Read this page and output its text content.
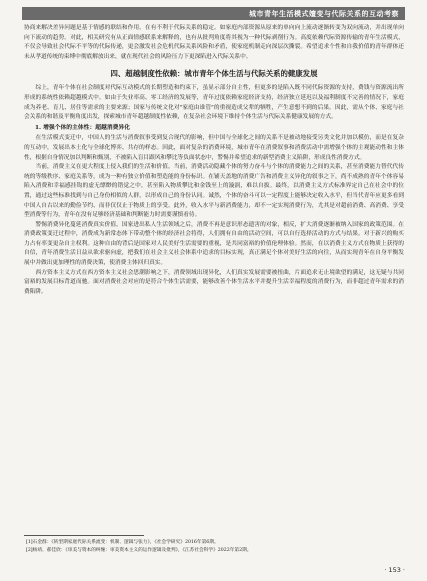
城市青年生活模式嬗变与代际关系的互动考察

协商来解决差异问题是基于情感的联结和作用。在有不利于代际关系的稳定。如家庭内部资源从原来的单向向上流动逐渐转变为双向流动，并出现单向向下流动的趋势。对此，相关研究有从正面情感联系来解释的，也有从批判角度将其视为一种代际剥削行为。高度依赖代际资源传输的青年生活模式，不仅会导致社会代际不平等的代际传递，更会激发社会危机代际关系风险和矛盾，使家庭机制走向深层次撕裂。希望追求个性和自我价值的青年群体还未从孝道传统的束缚中彻底解放出来，就在现代社会的风险压力下更深陷进入代际关系中。

四、超越制度性依赖：城市青年个体生活与代际关系的健康发展

综上，青年个体在社会制度对代际互动模式的长期塑造和约束下，虽显示部分自主性，但更多的是陷入既不同代际资源的支持，费钱与资源流出所形成的系统性依赖超越模式中。如由于失业率高、零工经济的发展等，青年过度依赖家庭经济支持，经济独立延迟以及福利制度不完善的情况下，家庭成为养老、育儿、居住等需求的主要来源；国家与传统文化对"家庭由谁管"的重视造成父辈的牺牲，产生意想不到的后果。因此，需从个体、家庭与社会关系的和谐及平衡角度出发，探索城市青年超越制度性依赖，在复杂社会环境下维持个体生活与代际关系健康发展的方式。

1. 增强个体的主体性：超越消费异化

在生活模式变迁中，中国人的生活与消费叙事受到复合现代的影响，但中国与全球化之间的关系不是被动地接受另类文化并加以模仿，而是在复杂的互动中，发展出本土化与全球化博弈、共存的样态。因此，面对复杂的消费环境，城市青年在消费叙事和消费活动中需增强个体的主观能动性和主体性，根据自身情况加以判断和甄别，不被陷入盲目跟风和攀比等负面状态中，警惕并希望追求的新型消费主义陷阱，形成良性消费方式。

当前，消费主义在更大程度上侵入我们的生活和价值。当前，消费活动隐藏个体的努力奋斗与个体的消费能力之间的关系，甚至消费能力替代代传统的等级秩序、家庭关系等，成为一种有独立价值和塑造能的身份标识。在铺天盖地的消费广告和消费主义异化的叙事之下，尚不成熟的青年个体容易陷入消费和幸福感挂钩的虚无缥缈的错觉之中，甚至陷入物质攀比和金钱至上的漩涡，难以自拔。最终，以消费主义方式标准界定自己在社会中的位置，通过这些标准找到与自己身份相似的人群，以形成自己的身份认同。诚然，个体的奋斗可以一定程度上能够决定收入水平，但当代青年应更多看到中国人自古以来的勤俭节约、而非仅仅止于物质上的享受。此外，收入水平与新消费能力，却不一定实现消费行为，尤其是对超前消费、高消费、享受型消费等行为，青年在没有足够经济基础和判断能力时需要谨慎看待。

警惕消费异化蔓延消费真实价值。国家进出私人生活领域之后，消费不再是意识形态遗害的对象，相反，扩大消费逐渐被纳入国家的政策范围。在消费政策变迁过程中，消费成为新常态体下带动整个体的经济社会将得，人们拥有自由的活动空间，可以自行选择活动的方式与结果。对于新兴的购买力占有率变更杂自主权利。这种自由的背后是国家对人民美好生活需要的重视，是共同富裕的价值伦理体验。然而，在以消费主义方式在物质上获得的自信，青年消费生活日益从欲求驱向虚，把我们在社会主义社会体系中追求的目标实现，真正满足个体对美好生活的向往，从而实现青年在自身平衡发展中并做出更加理性的消费决策，使消费主体回归真实。

西方资本主义方式在西方资本主义社会思潮影响之下，消费领域出现异化，人们真实发展需要被扭曲，片面追求无止境欲望的满足，这无疑与共同富裕的发展目标背道而驰。面对消费社会对应的是符合个体生活需要，能够改善个体生活水平并提升生活幸福程度的消费行为，而非超过青年需求的消费陷阱。

[1]石金群：《转型期家庭代际关系流变：机制、逻辑与张力》，《社会学研究》2016年第6期。

[2]杨靖、郝佳欣：《审美与资本的纠缠：审美资本主义的运作逻辑及批判》，《江苏社会科学》2022年第2期。

· 153 ·
